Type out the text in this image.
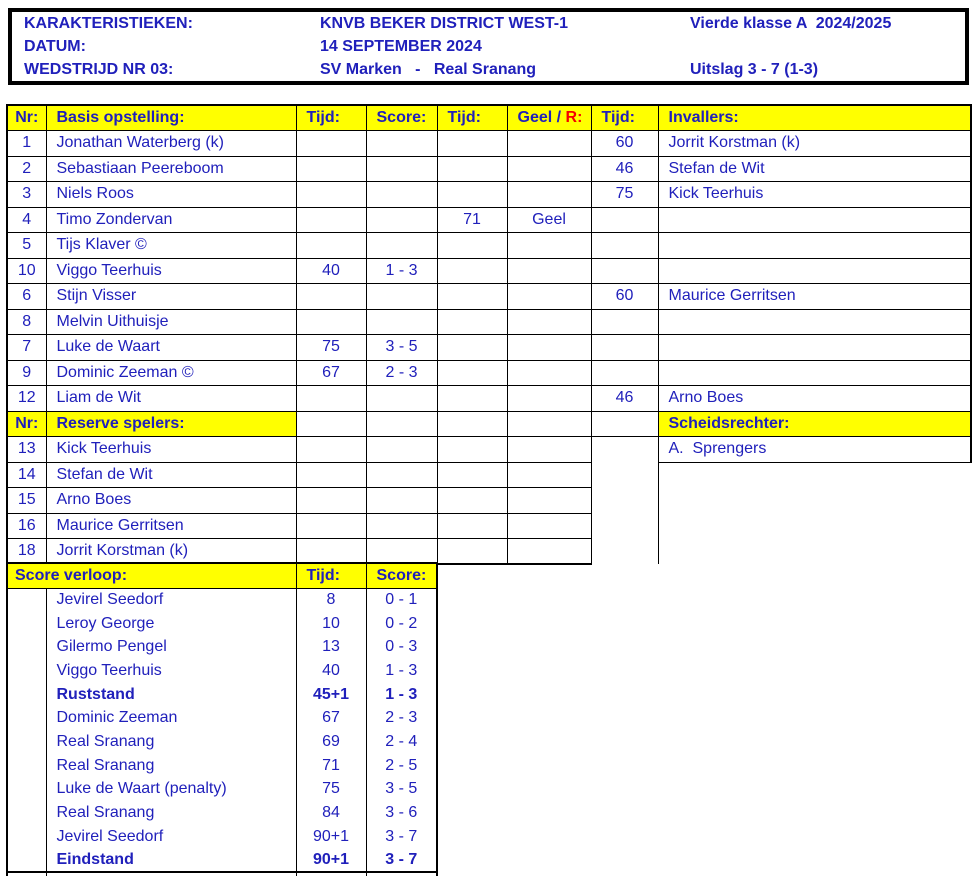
KARAKTERISTIEKEN:	KNVB BEKER DISTRICT WEST-1	Vierde klasse A  2024/2025
DATUM:	14 SEPTEMBER 2024
WEDSTRIJD NR 03:	SV Marken   -   Real Sranang	Uitslag 3 - 7 (1-3)
Nr:	Basis opstelling:	Tijd:	Score:	Tijd:	Geel / R:	Tijd:	Invallers:
1	Jonathan Waterberg (k)					60	Jorrit Korstman (k)
2	Sebastiaan Peereboom					46	Stefan de Wit
3	Niels Roos					75	Kick Teerhuis
4	Timo Zondervan			71	Geel		
5	Tijs Klaver ©						
10	Viggo Teerhuis	40	1 - 3				
6	Stijn Visser					60	Maurice Gerritsen
8	Melvin Uithuisje						
7	Luke de Waart	75	3 - 5				
9	Dominic Zeeman ©	67	2 - 3				
12	Liam de Wit					46	Arno Boes
Nr:	Reserve spelers:						Scheidsrechter:
13	Kick Teerhuis						A.  Sprengers
14	Stefan de Wit						
15	Arno Boes						
16	Maurice Gerritsen						
18	Jorrit Korstman (k)						
Score verloop:		Tijd:	Score:
	Jevirel Seedorf	8	0 - 1
	Leroy George	10	0 - 2
	Gilermo Pengel	13	0 - 3
	Viggo Teerhuis	40	1 - 3
	Ruststand	45+1	1 - 3
	Dominic Zeeman	67	2 - 3
	Real Sranang	69	2 - 4
	Real Sranang	71	2 - 5
	Luke de Waart (penalty)	75	3 - 5
	Real Sranang	84	3 - 6
	Jevirel Seedorf	90+1	3 - 7
	Eindstand	90+1	3 - 7
